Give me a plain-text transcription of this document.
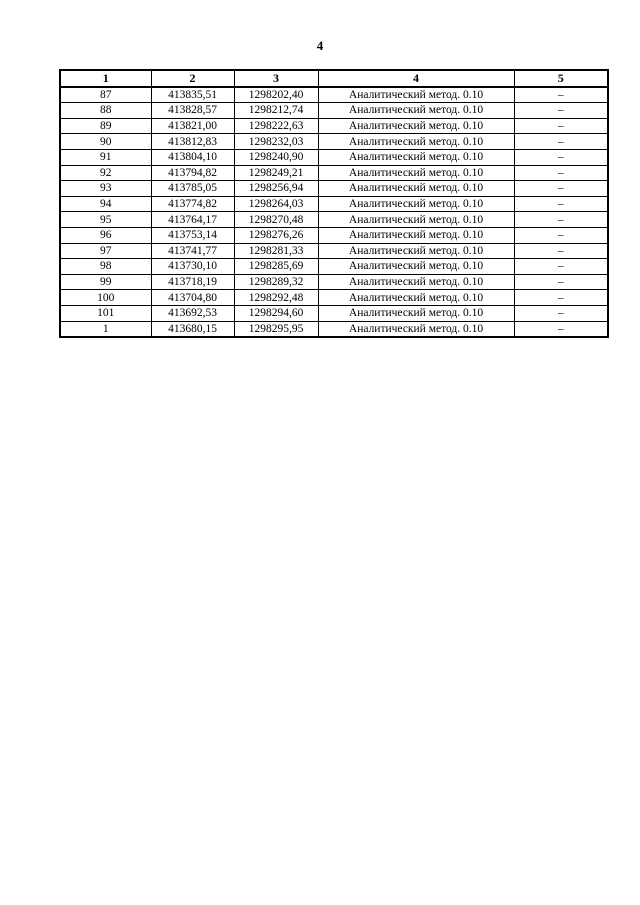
4
1	2	3	4	5
87	413835,51	1298202,40	Аналитический метод. 0.10	–
88	413828,57	1298212,74	Аналитический метод. 0.10	–
89	413821,00	1298222,63	Аналитический метод. 0.10	–
90	413812,83	1298232,03	Аналитический метод. 0.10	–
91	413804,10	1298240,90	Аналитический метод. 0.10	–
92	413794,82	1298249,21	Аналитический метод. 0.10	–
93	413785,05	1298256,94	Аналитический метод. 0.10	–
94	413774,82	1298264,03	Аналитический метод. 0.10	–
95	413764,17	1298270,48	Аналитический метод. 0.10	–
96	413753,14	1298276,26	Аналитический метод. 0.10	–
97	413741,77	1298281,33	Аналитический метод. 0.10	–
98	413730,10	1298285,69	Аналитический метод. 0.10	–
99	413718,19	1298289,32	Аналитический метод. 0.10	–
100	413704,80	1298292,48	Аналитический метод. 0.10	–
101	413692,53	1298294,60	Аналитический метод. 0.10	–
1	413680,15	1298295,95	Аналитический метод. 0.10	–
